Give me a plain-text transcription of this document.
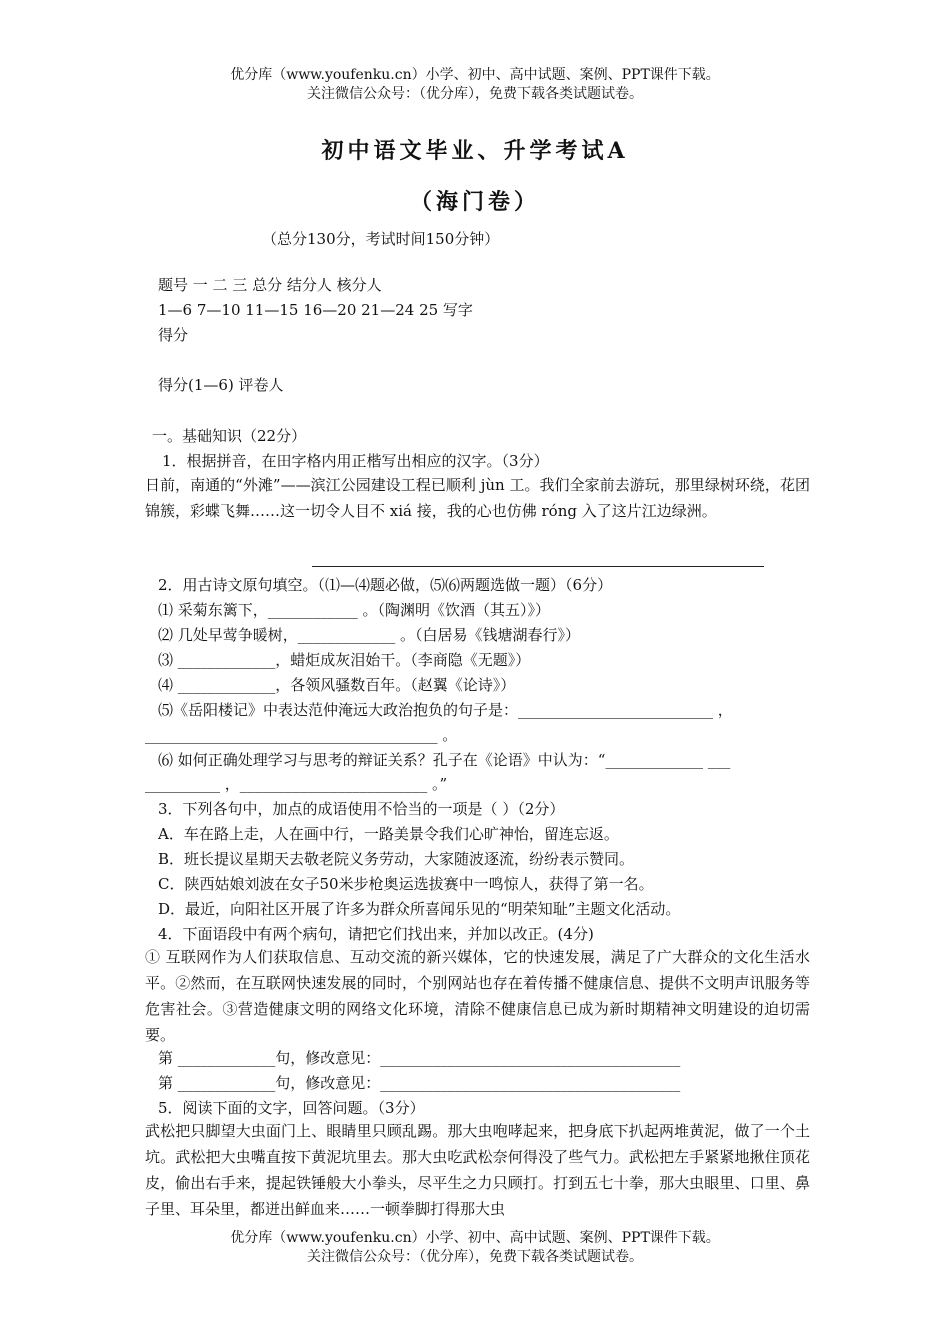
优分库（www.youfenku.cn）小学、初中、高中试题、案例、PPT课件下载。
关注微信公众号：（优分库），免费下载各类试题试卷。
初中语文毕业、升学考试A
（海门卷）
（总分130分，考试时间150分钟）
题号 一 二 三 总分 结分人 核分人
1—6 7—10 11—15 16—20 21—24 25 写字
得分
得分(1—6) 评卷人
一。基础知识（22分）
1．根据拼音，在田字格内用正楷写出相应的汉字。（3分）
日前，南通的“外滩”——滨江公园建设工程已顺利 jùn 工。我们全家前去游玩，那里绿树环绕，花团锦簇，彩蝶飞舞……这一切令人目不 xiá 接，我的心也仿佛 róng 入了这片江边绿洲。
2．用古诗文原句填空。（⑴—⑷题必做，⑸⑹两题选做一题）（6分）
⑴ 采菊东篱下，____________ 。（陶渊明《饮酒（其五）》）
⑵ 几处早莺争暖树，_____________ 。（白居易《钱塘湖春行》）
⑶ _____________，蜡炬成灰泪始干。（李商隐《无题》）
⑷ _____________，各领风骚数百年。（赵翼《论诗》）
⑸《岳阳楼记》中表达范仲淹远大政治抱负的句子是：__________________________ ，
_______________________________________ 。
⑹ 如何正确处理学习与思考的辩证关系？孔子在《论语》中认为：“_____________ ___
__________ ，_________________________ 。”
3．下列各句中，加点的成语使用不恰当的一项是（ ）（2分）
A．车在路上走，人在画中行，一路美景令我们心旷神怡，留连忘返。
B．班长提议星期天去敬老院义务劳动，大家随波逐流，纷纷表示赞同。
C．陕西姑娘刘波在女子50米步枪奥运选拔赛中一鸣惊人，获得了第一名。
D．最近，向阳社区开展了许多为群众所喜闻乐见的“明荣知耻”主题文化活动。
4．下面语段中有两个病句，请把它们找出来，并加以改正。(4分)
① 互联网作为人们获取信息、互动交流的新兴媒体，它的快速发展，满足了广大群众的文化生活水平。②然而，在互联网快速发展的同时，个别网站也存在着传播不健康信息、提供不文明声讯服务等危害社会。③营造健康文明的网络文化环境，清除不健康信息已成为新时期精神文明建设的迫切需要。
第 _____________句，修改意见：________________________________________
第 _____________句，修改意见：________________________________________
5．阅读下面的文字，回答问题。（3分）
武松把只脚望大虫面门上、眼睛里只顾乱踢。那大虫咆哮起来，把身底下扒起两堆黄泥，做了一个土坑。武松把大虫嘴直按下黄泥坑里去。那大虫吃武松奈何得没了些气力。武松把左手紧紧地揪住顶花皮，偷出右手来，提起铁锤般大小拳头，尽平生之力只顾打。打到五七十拳，那大虫眼里、口里、鼻子里、耳朵里，都迸出鲜血来……一顿拳脚打得那大虫
优分库（www.youfenku.cn）小学、初中、高中试题、案例、PPT课件下载。
关注微信公众号：（优分库），免费下载各类试题试卷。
